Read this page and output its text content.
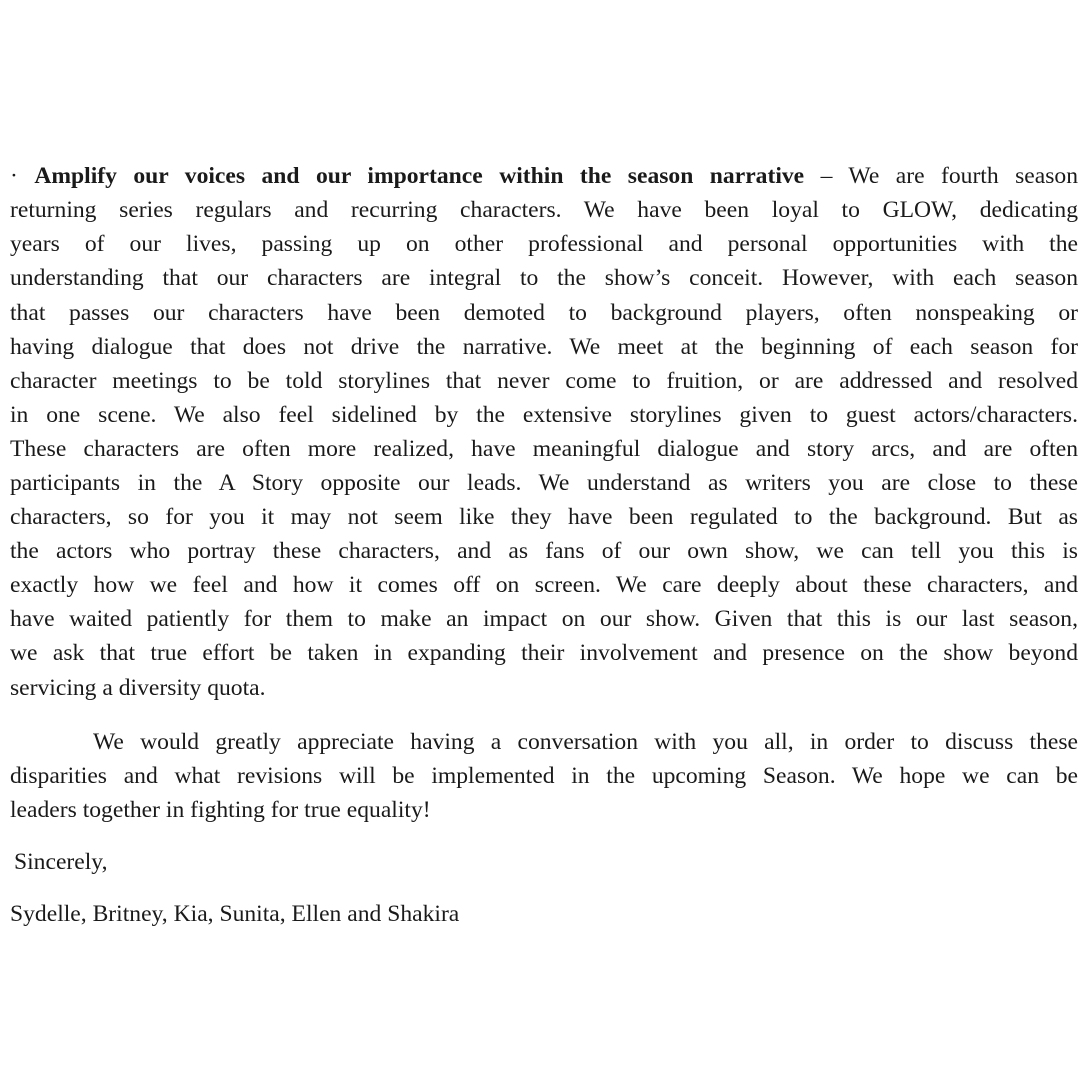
· Amplify our voices and our importance within the season narrative – We are fourth season
returning series regulars and recurring characters. We have been loyal to GLOW, dedicating
years of our lives, passing up on other professional and personal opportunities with the
understanding that our characters are integral to the show’s conceit. However, with each season
that passes our characters have been demoted to background players, often nonspeaking or
having dialogue that does not drive the narrative. We meet at the beginning of each season for
character meetings to be told storylines that never come to fruition, or are addressed and resolved
in one scene. We also feel sidelined by the extensive storylines given to guest actors/characters.
These characters are often more realized, have meaningful dialogue and story arcs, and are often
participants in the A Story opposite our leads. We understand as writers you are close to these
characters, so for you it may not seem like they have been regulated to the background. But as
the actors who portray these characters, and as fans of our own show, we can tell you this is
exactly how we feel and how it comes off on screen. We care deeply about these characters, and
have waited patiently for them to make an impact on our show. Given that this is our last season,
we ask that true effort be taken in expanding their involvement and presence on the show beyond
servicing a diversity quota.
We would greatly appreciate having a conversation with you all, in order to discuss these
disparities and what revisions will be implemented in the upcoming Season. We hope we can be
leaders together in fighting for true equality!
Sincerely,
Sydelle, Britney, Kia, Sunita, Ellen and Shakira
